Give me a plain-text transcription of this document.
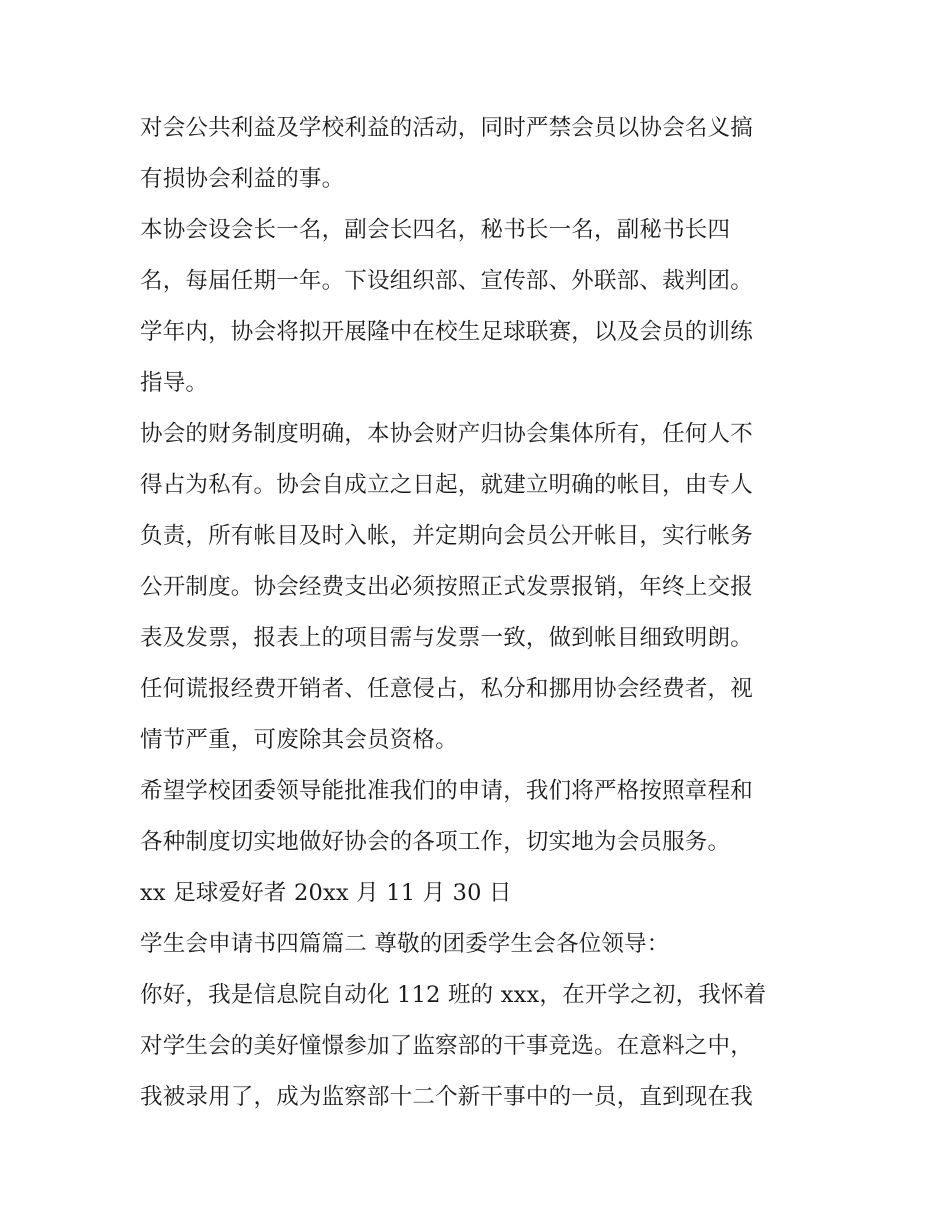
对会公共利益及学校利益的活动，同时严禁会员以协会名义搞
有损协会利益的事。
本协会设会长一名，副会长四名，秘书长一名，副秘书长四
名，每届任期一年。下设组织部、宣传部、外联部、裁判团。
学年内，协会将拟开展隆中在校生足球联赛，以及会员的训练
指导。
协会的财务制度明确，本协会财产归协会集体所有，任何人不
得占为私有。协会自成立之日起，就建立明确的帐目，由专人
负责，所有帐目及时入帐，并定期向会员公开帐目，实行帐务
公开制度。协会经费支出必须按照正式发票报销，年终上交报
表及发票，报表上的项目需与发票一致，做到帐目细致明朗。
任何谎报经费开销者、任意侵占，私分和挪用协会经费者，视
情节严重，可废除其会员资格。
希望学校团委领导能批准我们的申请，我们将严格按照章程和
各种制度切实地做好协会的各项工作，切实地为会员服务。
xx 足球爱好者 20xx 月 11 月 30 日
学生会申请书四篇篇二 尊敬的团委学生会各位领导：
你好，我是信息院自动化 112 班的 xxx，在开学之初，我怀着
对学生会的美好憧憬参加了监察部的干事竞选。在意料之中，
我被录用了，成为监察部十二个新干事中的一员，直到现在我
